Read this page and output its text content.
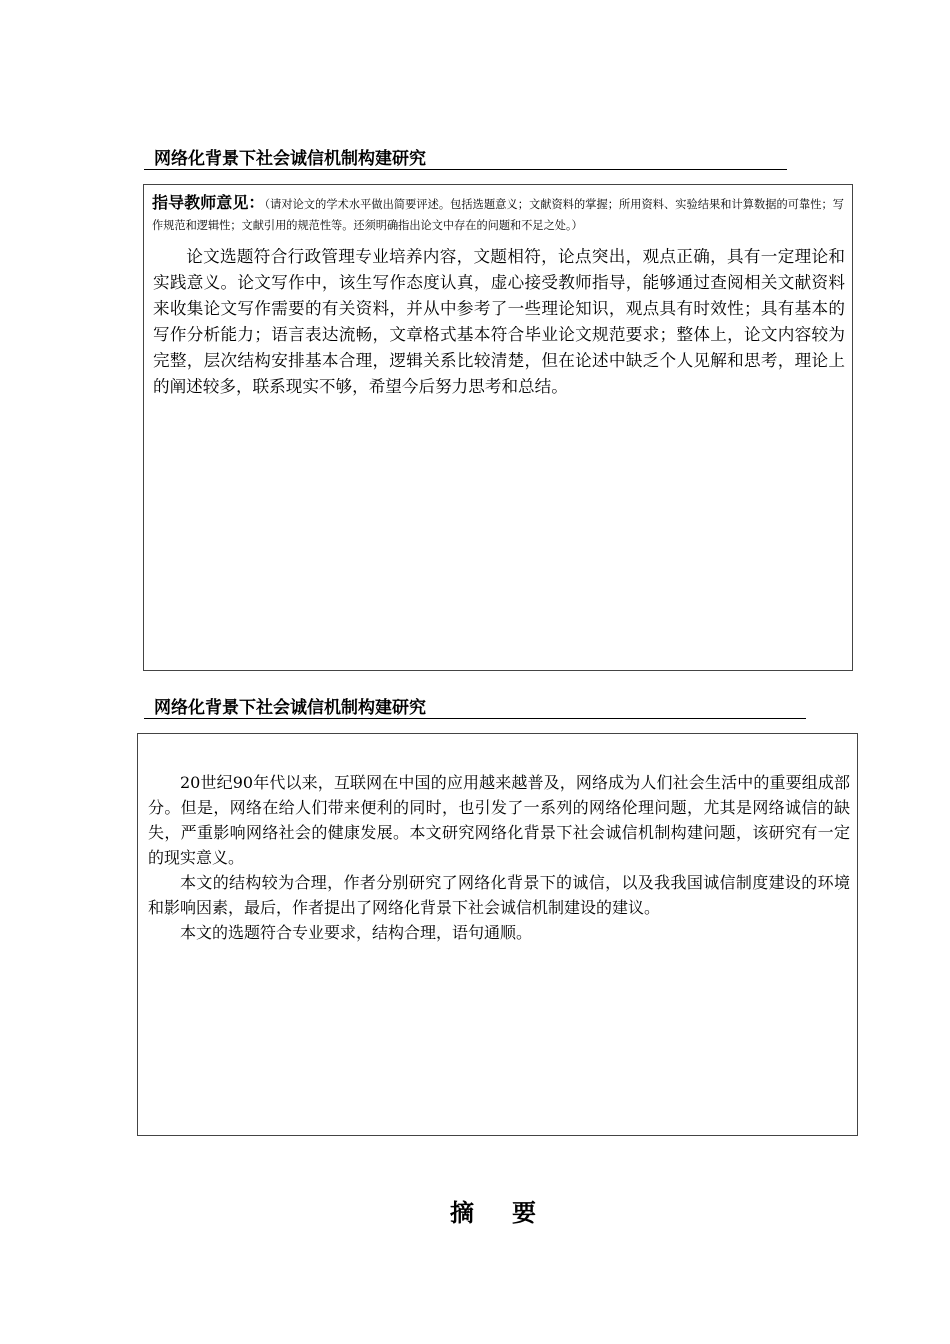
网络化背景下社会诚信机制构建研究
指导教师意见：（请对论文的学术水平做出简要评述。包括选题意义；文献资料的掌握；所用资料、实验结果和计算数据的可靠性；写作规范和逻辑性；文献引用的规范性等。还须明确指出论文中存在的问题和不足之处。）

论文选题符合行政管理专业培养内容，文题相符，论点突出，观点正确，具有一定理论和实践意义。论文写作中，该生写作态度认真，虚心接受教师指导，能够通过查阅相关文献资料来收集论文写作需要的有关资料，并从中参考了一些理论知识，观点具有时效性；具有基本的写作分析能力；语言表达流畅，文章格式基本符合毕业论文规范要求；整体上，论文内容较为完整，层次结构安排基本合理，逻辑关系比较清楚，但在论述中缺乏个人见解和思考，理论上的阐述较多，联系现实不够，希望今后努力思考和总结。

网络化背景下社会诚信机制构建研究

20世纪90年代以来，互联网在中国的应用越来越普及，网络成为人们社会生活中的重要组成部分。但是，网络在给人们带来便利的同时，也引发了一系列的网络伦理问题，尤其是网络诚信的缺失，严重影响网络社会的健康发展。本文研究网络化背景下社会诚信机制构建问题，该研究有一定的现实意义。

本文的结构较为合理，作者分别研究了网络化背景下的诚信，以及我我国诚信制度建设的环境和影响因素，最后，作者提出了网络化背景下社会诚信机制建设的建议。

本文的选题符合专业要求，结构合理，语句通顺。

摘要
